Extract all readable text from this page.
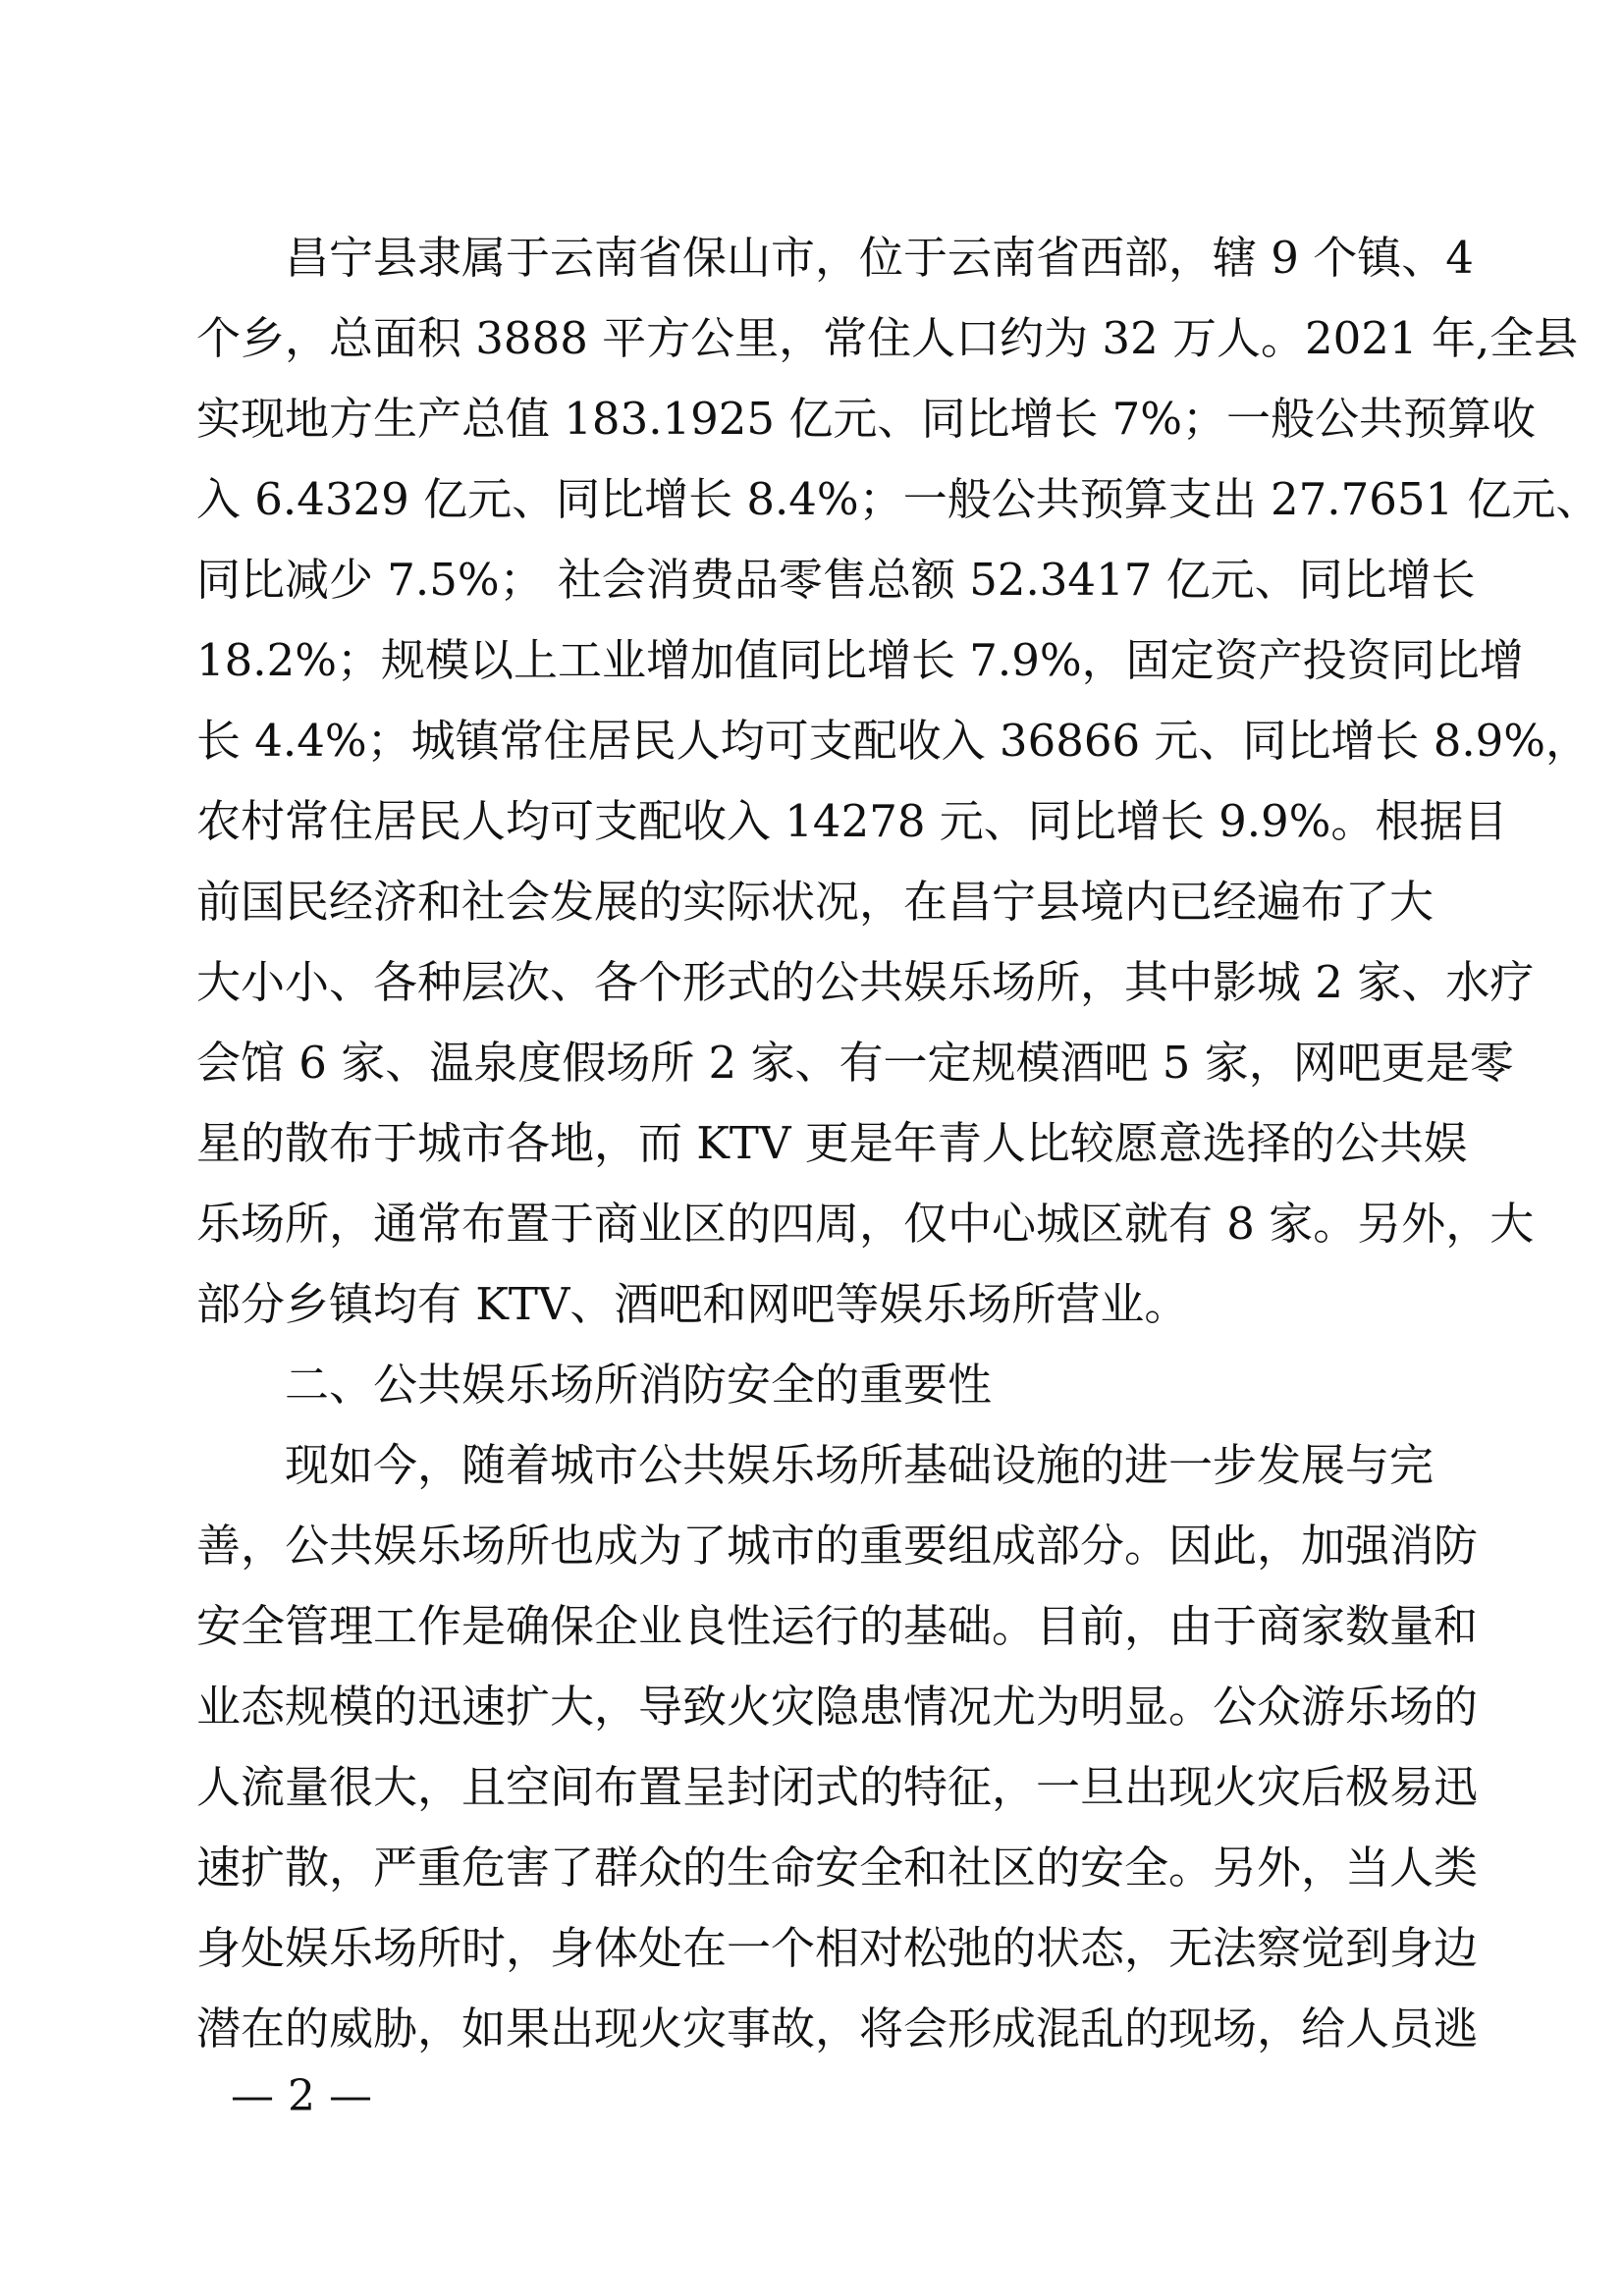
昌宁县隶属于云南省保山市，位于云南省西部，辖 9 个镇、4
个乡，总面积 3888 平方公里，常住人口约为 32 万人。2021 年,全县
实现地方生产总值 183.1925 亿元、同比增长 7%；一般公共预算收
入 6.4329 亿元、同比增长 8.4%；一般公共预算支出 27.7651 亿元、
同比减少 7.5%； 社会消费品零售总额 52.3417 亿元、同比增长
18.2%；规模以上工业增加值同比增长 7.9%，固定资产投资同比增
长 4.4%；城镇常住居民人均可支配收入 36866 元、同比增长 8.9%，
农村常住居民人均可支配收入 14278 元、同比增长 9.9%。根据目
前国民经济和社会发展的实际状况，在昌宁县境内已经遍布了大
大小小、各种层次、各个形式的公共娱乐场所，其中影城 2 家、水疗
会馆 6 家、温泉度假场所 2 家、有一定规模酒吧 5 家，网吧更是零
星的散布于城市各地，而 KTV 更是年青人比较愿意选择的公共娱
乐场所，通常布置于商业区的四周，仅中心城区就有 8 家。另外，大
部分乡镇均有 KTV、酒吧和网吧等娱乐场所营业。
二、公共娱乐场所消防安全的重要性
现如今，随着城市公共娱乐场所基础设施的进一步发展与完
善，公共娱乐场所也成为了城市的重要组成部分。因此，加强消防
安全管理工作是确保企业良性运行的基础。目前，由于商家数量和
业态规模的迅速扩大，导致火灾隐患情况尤为明显。公众游乐场的
人流量很大，且空间布置呈封闭式的特征，一旦出现火灾后极易迅
速扩散，严重危害了群众的生命安全和社区的安全。另外，当人类
身处娱乐场所时，身体处在一个相对松弛的状态，无法察觉到身边
潜在的威胁，如果出现火灾事故，将会形成混乱的现场，给人员逃
— 2 —
